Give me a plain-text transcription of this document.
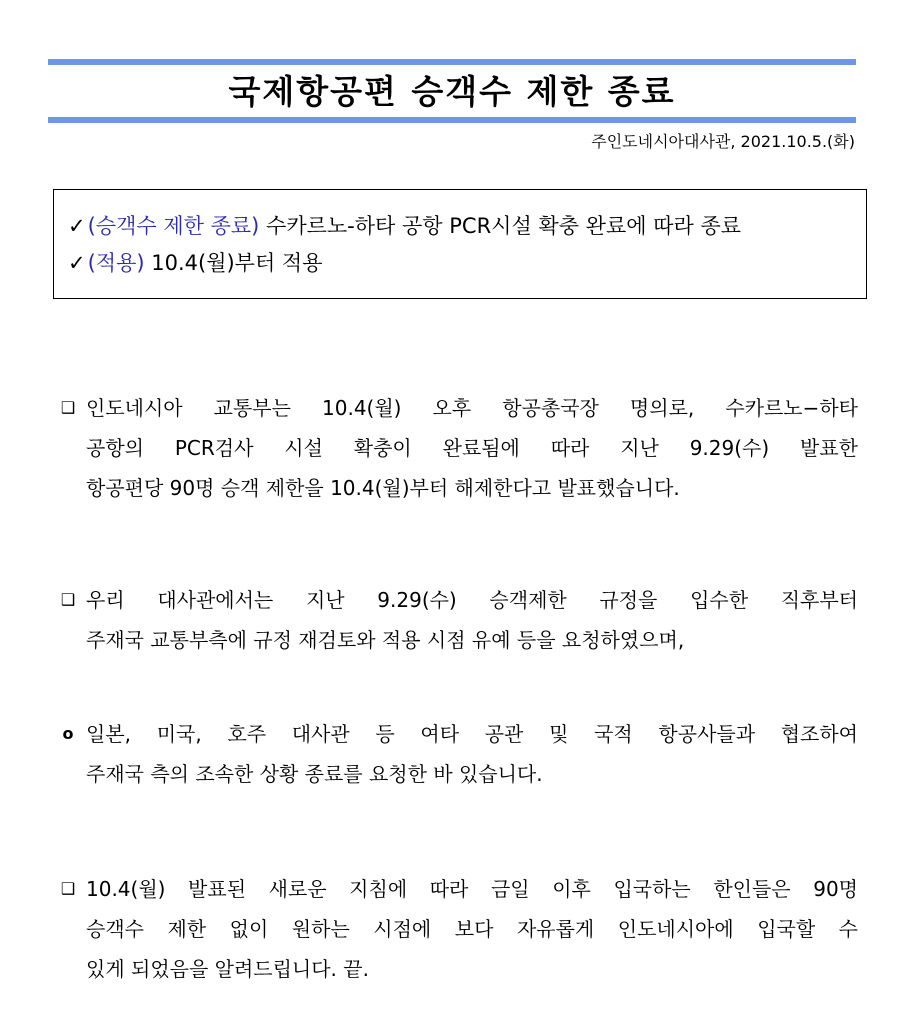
국제항공편 승객수 제한 종료
주인도네시아대사관, 2021.10.5.(화)
✓(승객수 제한 종료) 수카르노-하타 공항 PCR시설 확충 완료에 따라 종료
✓(적용) 10.4(월)부터 적용
❑ 인도네시아 교통부는 10.4(월) 오후 항공총국장 명의로, 수카르노−하타
공항의 PCR검사 시설 확충이 완료됨에 따라 지난 9.29(수) 발표한
항공편당 90명 승객 제한을 10.4(월)부터 해제한다고 발표했습니다.
❑ 우리 대사관에서는 지난 9.29(수) 승객제한 규정을 입수한 직후부터
주재국 교통부측에 규정 재검토와 적용 시점 유예 등을 요청하였으며,
o 일본, 미국, 호주 대사관 등 여타 공관 및 국적 항공사들과 협조하여
주재국 측의 조속한 상황 종료를 요청한 바 있습니다.
❑ 10.4(월) 발표된 새로운 지침에 따라 금일 이후 입국하는 한인들은 90명
승객수 제한 없이 원하는 시점에 보다 자유롭게 인도네시아에 입국할 수
있게 되었음을 알려드립니다. 끝.
